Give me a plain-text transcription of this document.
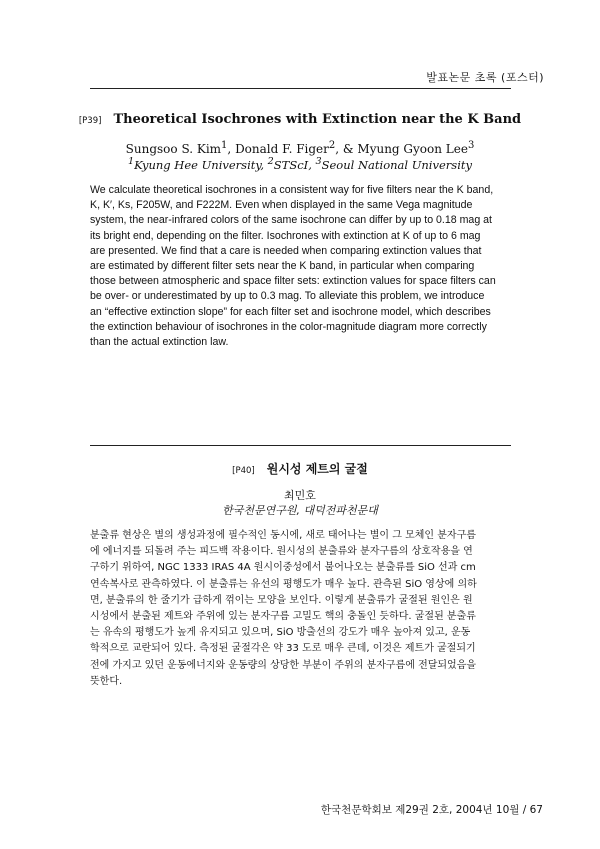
발표논문 초록 (포스터)
[P39] Theoretical Isochrones with Extinction near the K Band
Sungsoo S. Kim$^1$, Donald F. Figer$^2$, & Myung Gyoon Lee$^3$
$^1$Kyung Hee University, $^2$STScI, $^3$Seoul National University
We calculate theoretical isochrones in a consistent way for five filters near the K band,
K, K′, Ks, F205W, and F222M. Even when displayed in the same Vega magnitude
system, the near-infrared colors of the same isochrone can differ by up to 0.18 mag at
its bright end, depending on the filter. Isochrones with extinction at K of up to 6 mag
are presented. We find that a care is needed when comparing extinction values that
are estimated by different filter sets near the K band, in particular when comparing
those between atmospheric and space filter sets: extinction values for space filters can
be over- or underestimated by up to 0.3 mag. To alleviate this problem, we introduce
an “effective extinction slope” for each filter set and isochrone model, which describes
the extinction behaviour of isochrones in the color-magnitude diagram more correctly
than the actual extinction law.
[P40] 원시성 제트의 굴절
최민호
한국천문연구원, 대덕전파천문대
분출류 현상은 별의 생성과정에 필수적인 동시에, 새로 태어나는 별이 그 모체인 분자구름
에 에너지를 되돌려 주는 피드백 작용이다. 원시성의 분출류와 분자구름의 상호작용을 연
구하기 위하여, NGC 1333 IRAS 4A 원시이중성에서 불어나오는 분출류를 SiO 선과 cm
연속복사로 관측하였다. 이 분출류는 유선의 평행도가 매우 높다. 관측된 SiO 영상에 의하
면, 분출류의 한 줄기가 급하게 꺾이는 모양을 보인다. 이렇게 분출류가 굴절된 원인은 원
시성에서 분출된 제트와 주위에 있는 분자구름 고밀도 핵의 충돌인 듯하다. 굴절된 분출류
는 유속의 평행도가 높게 유지되고 있으며, SiO 방출선의 강도가 매우 높아져 있고, 운동
학적으로 교란되어 있다. 측정된 굴절각은 약 33 도로 매우 큰데, 이것은 제트가 굴절되기
전에 가지고 있던 운동에너지와 운동량의 상당한 부분이 주위의 분자구름에 전달되었음을
뜻한다.
한국천문학회보 제29권 2호, 2004년 10월 / 67
